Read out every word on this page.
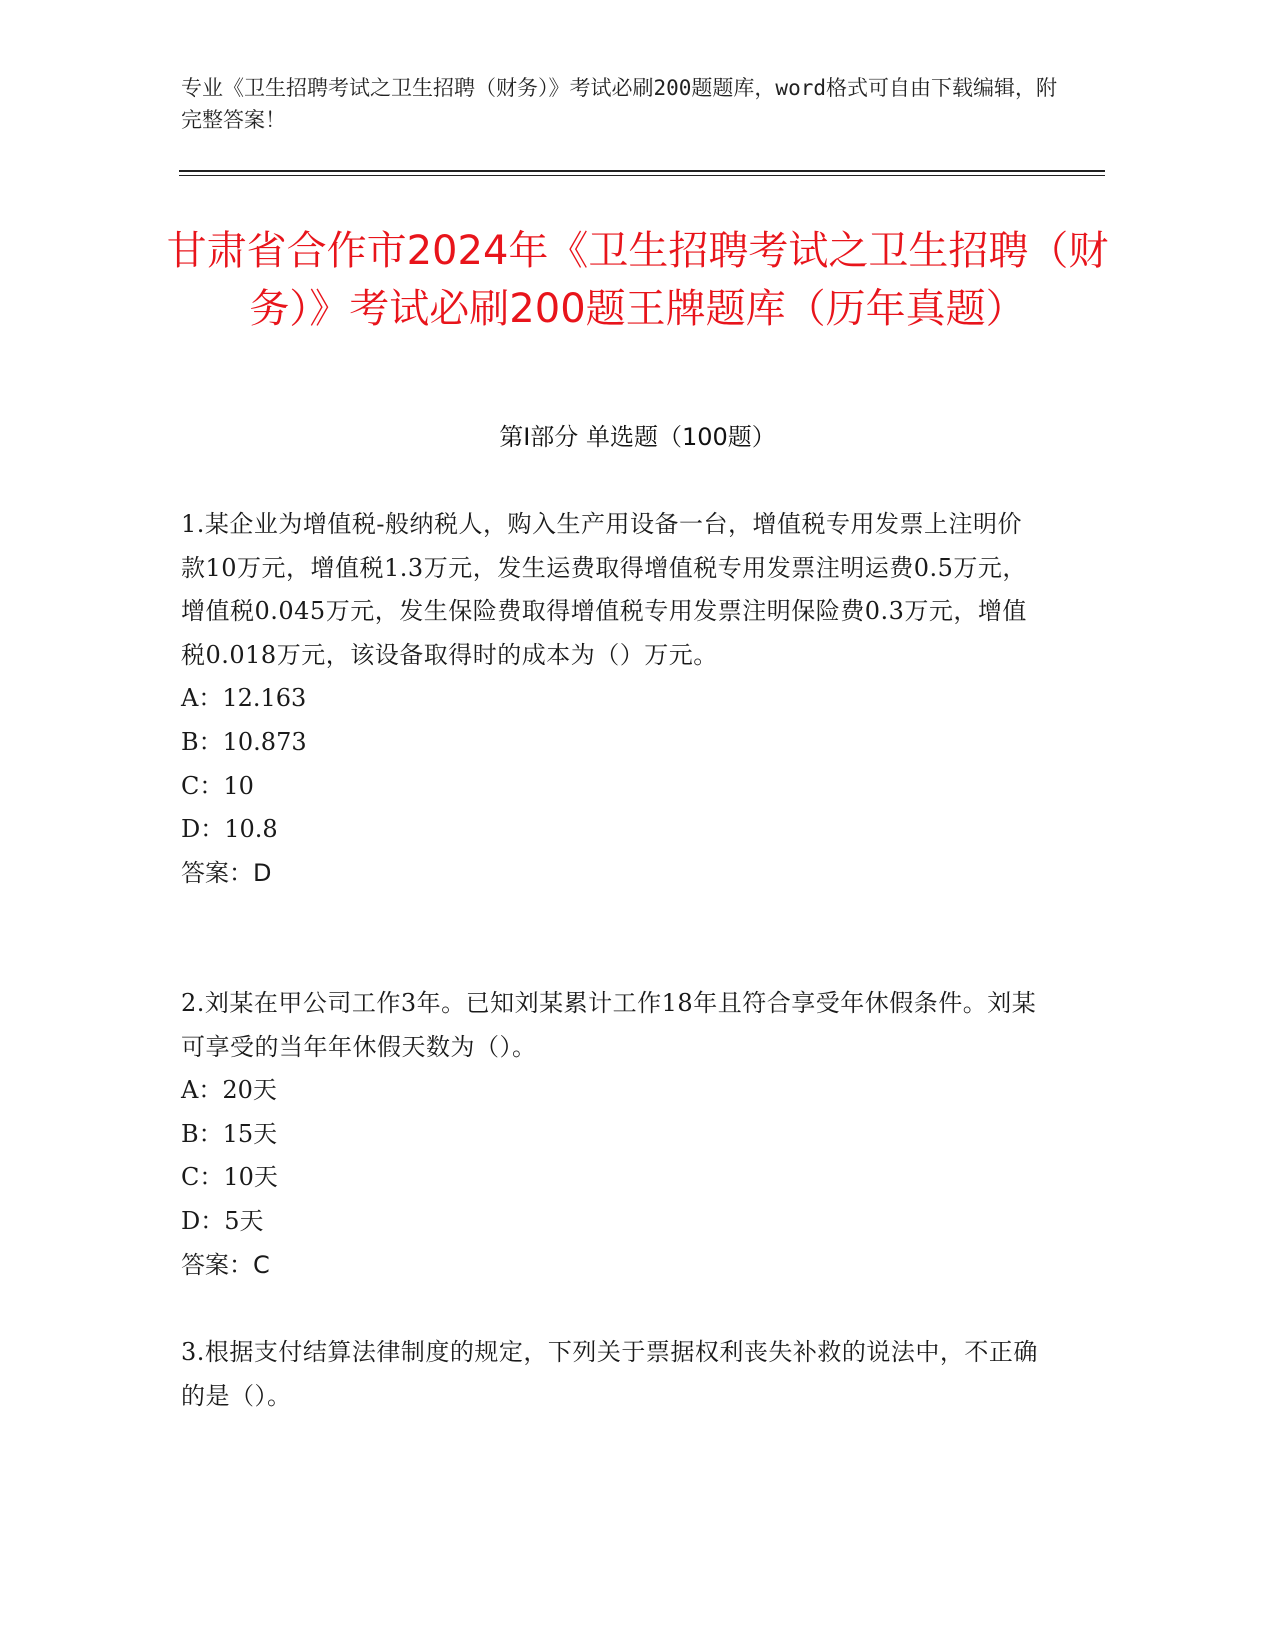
专业《卫生招聘考试之卫生招聘（财务）》考试必刷200题题库，word格式可自由下载编辑，附完整答案！
甘肃省合作市2024年《卫生招聘考试之卫生招聘（财务）》考试必刷200题王牌题库（历年真题）
第I部分 单选题（100题）

1.某企业为增值税-般纳税人，购入生产用设备一台，增值税专用发票上注明价款10万元，增值税1.3万元，发生运费取得增值税专用发票注明运费0.5万元，增值税0.045万元，发生保险费取得增值税专用发票注明保险费0.3万元，增值税0.018万元，该设备取得时的成本为（）万元。

A：12.163

B：10.873

C：10

D：10.8

答案：D

2.刘某在甲公司工作3年。已知刘某累计工作18年且符合享受年休假条件。刘某可享受的当年年休假天数为（）。

A：20天

B：15天

C：10天

D：5天

答案：C

3.根据支付结算法律制度的规定，下列关于票据权利丧失补救的说法中，不正确的是（）。
